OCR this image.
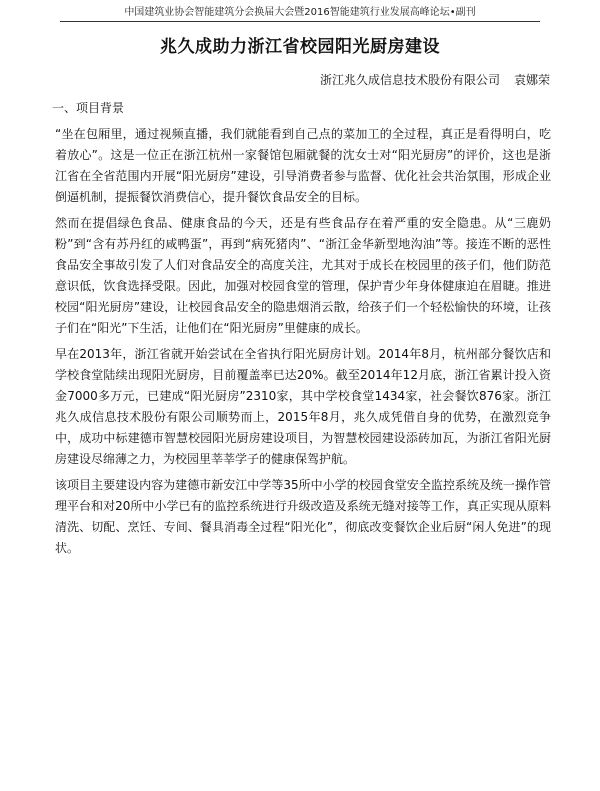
中国建筑业协会智能建筑分会换届大会暨2016智能建筑行业发展高峰论坛•副刊
兆久成助力浙江省校园阳光厨房建设
浙江兆久成信息技术股份有限公司 袁娜荣
一、项目背景

“坐在包厢里，通过视频直播，我们就能看到自己点的菜加工的全过程，真正是看得明白，吃着放心”。这是一位正在浙江杭州一家餐馆包厢就餐的沈女士对“阳光厨房”的评价，这也是浙江省在全省范围内开展“阳光厨房”建设，引导消费者参与监督、优化社会共治氛围，形成企业倒逼机制，提振餐饮消费信心，提升餐饮食品安全的目标。

然而在提倡绿色食品、健康食品的今天，还是有些食品存在着严重的安全隐患。从“三鹿奶粉”到“含有苏丹红的咸鸭蛋”，再到“病死猪肉”、“浙江金华新型地沟油”等。接连不断的恶性食品安全事故引发了人们对食品安全的高度关注，尤其对于成长在校园里的孩子们，他们防范意识低，饮食选择受限。因此，加强对校园食堂的管理，保护青少年身体健康迫在眉睫。推进校园“阳光厨房”建设，让校园食品安全的隐患烟消云散，给孩子们一个轻松愉快的环境，让孩子们在“阳光”下生活，让他们在“阳光厨房”里健康的成长。

早在2013年，浙江省就开始尝试在全省执行阳光厨房计划。2014年8月，杭州部分餐饮店和学校食堂陆续出现阳光厨房，目前覆盖率已达20%。截至2014年12月底，浙江省累计投入资金7000多万元，已建成“阳光厨房”2310家，其中学校食堂1434家，社会餐饮876家。浙江兆久成信息技术股份有限公司顺势而上，2015年8月，兆久成凭借自身的优势，在激烈竞争中，成功中标建德市智慧校园阳光厨房建设项目，为智慧校园建设添砖加瓦，为浙江省阳光厨房建设尽绵薄之力，为校园里莘莘学子的健康保驾护航。

该项目主要建设内容为建德市新安江中学等35所中小学的校园食堂安全监控系统及统一操作管理平台和对20所中小学已有的监控系统进行升级改造及系统无缝对接等工作，真正实现从原料清洗、切配、烹饪、专间、餐具消毒全过程“阳光化”，彻底改变餐饮企业后厨“闲人免进”的现状。
